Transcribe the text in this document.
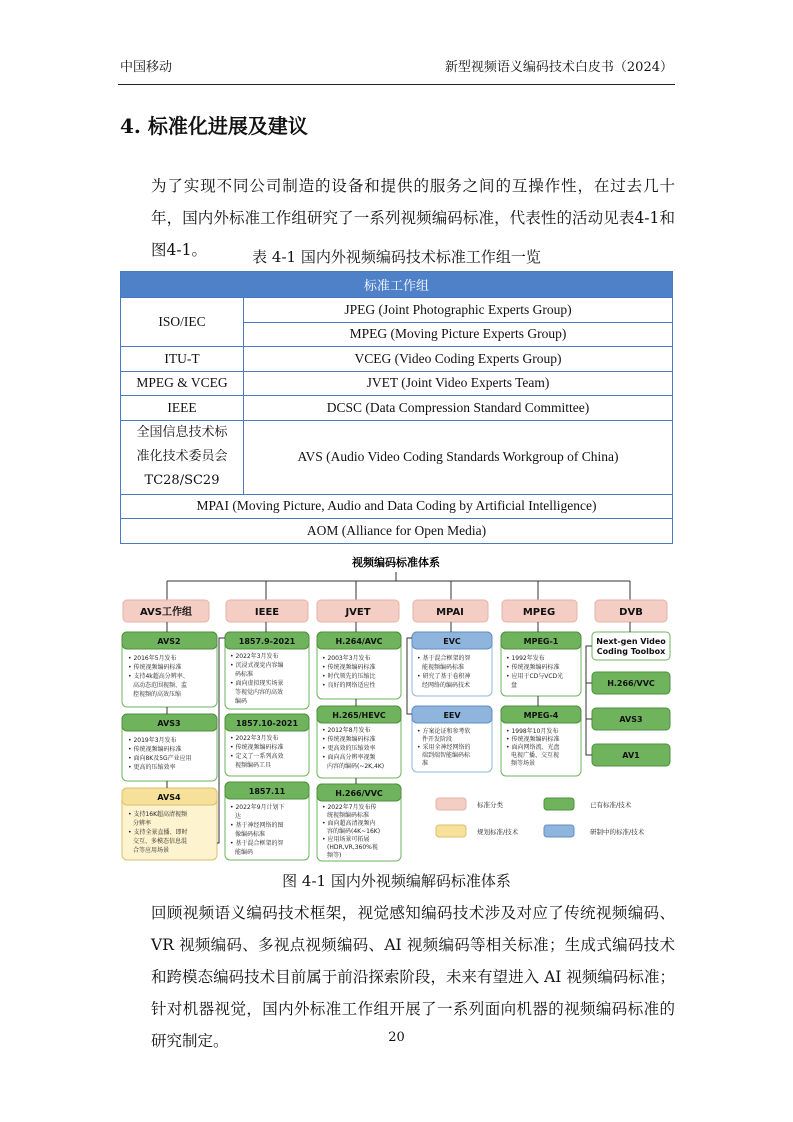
中国移动	新型视频语义编码技术白皮书（2024）
4. 标准化进展及建议
为了实现不同公司制造的设备和提供的服务之间的互操作性，在过去几十年，国内外标准工作组研究了一系列视频编码标准，代表性的活动见表4-1和图4-1。	表 4-1 国内外视频编码技术标准工作组一览
标准工作组	
ISO/IEC	JPEG (Joint Photographic Experts Group)
	MPEG (Moving Picture Experts Group)
ITU-T	VCEG (Video Coding Experts Group)
MPEG & VCEG	JVET (Joint Video Experts Team)
IEEE	DCSC (Data Compression Standard Committee)

全国信息技术标
准化技术委员会
TC28/SC29	AVS (Audio Video Coding Standards Workgroup of China)
MPAI (Moving Picture, Audio and Data Coding by Artificial Intelligence)	
AOM (Alliance for Open Media)	
视频编码标准体系
AVS工作组	IEEE	JVET	MPAI	MPEG	DVB
AVS2
• 2016年5月发布
• 传统视频编码标准
• 支持4k超高分辨率、
高动态范围视频、监
控视频的高效压缩
AVS3
• 2019年3月发布
• 传统视频编码标准
• 面向8K及5G产业应用
• 更高的压缩效率
AVS4
• 支持16K超高清视频
分辨率
• 支持全景直播、即时
交互、多模态信息混
合等应用场景
1857.9-2021
• 2022年3月发布
• 沉浸式视觉内容编
码标准
• 面向虚拟现实场景
等视觉内容的高效
编码
1857.10-2021
• 2022年3月发布
• 传统视频编码标准
• 定义了一系列高效
视频编码工具
1857.11
• 2022年9月计划下
达
• 基于神经网络的图
像编码标准
• 基于混合框架的智
能编码
H.264/AVC
• 2003年3月发布
• 传统视频编码标准
• 时代领先的压缩比
• 良好的网络适应性
H.265/HEVC
• 2012年8月发布
• 传统视频编码标准
• 更高效的压缩效率
• 面向高分辨率视频
内容的编码(~2K,4K)
H.266/VVC
• 2022年7月发布传
统视频编码标准
• 面向超高清视频内
容的编码(4K~16K)
• 应用场景可拓展
(HDR,VR,360%视
频等)
EVC
• 基于混合框架的智
能视频编码标准
• 研究了基于卷积神
经网络的编码技术
EEV
• 方案论证和参考软
件开发阶段
• 采用全神经网络的
端到端智能编码标
准
MPEG-1
• 1992年发布
• 传统视频编码标准
• 应用于CD与VCD光
盘
MPEG-4
• 1998年10月发布
• 传统视频编码标准
• 面向网络流、光盘
电视广播、交互视
频等场景
Next-gen Video
Coding Toolbox
H.266/VVC
AVS3
AV1
标准分类	已有标准/技术
规划标准/技术	研制中的标准/技术
图 4-1 国内外视频编解码标准体系
回顾视频语义编码技术框架，视觉感知编码技术涉及对应了传统视频编码、VR 视频编码、多视点视频编码、AI 视频编码等相关标准；生成式编码技术和跨模态编码技术目前属于前沿探索阶段，未来有望进入 AI 视频编码标准；针对机器视觉，国内外标准工作组开展了一系列面向机器的视频编码标准的研究制定。	20
